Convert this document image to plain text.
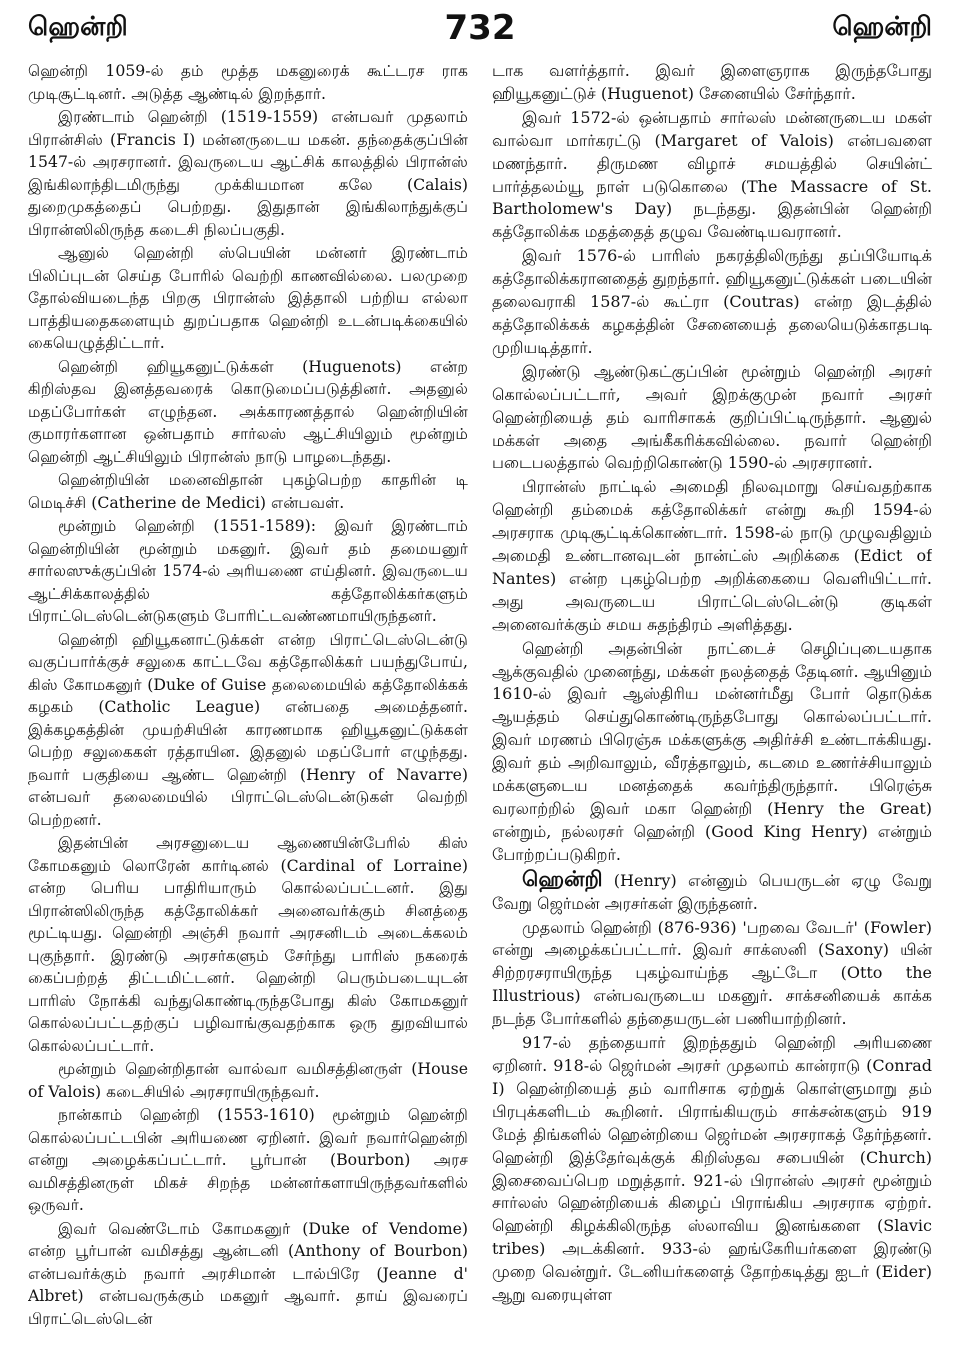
ஹென்றி	732	ஹென்றி

ஹென்றி 1059-ல் தம் மூத்த மகனுரைக் கூட்டரச ராக முடிசூட்டினர். அடுத்த ஆண்டில் இறந்தார்.

இரண்டாம் ஹென்றி (1519-1559) என்பவர் முதலாம் பிரான்சிஸ் (Francis I) மன்னருடைய மகன். தந்தைக்குப்பின் 1547-ல் அரசரானர். இவருடைய ஆட்சிக் காலத்தில் பிரான்ஸ் இங்கிலாந்திடமிருந்து முக்கியமான கலே (Calais) துறைமுகத்தைப் பெற்றது. இதுதான் இங்கிலாந்துக்குப் பிரான்ஸிலிருந்த கடைசி நிலப்பகுதி.

ஆனுல் ஹென்றி ஸ்பெயின் மன்னர் இரண்டாம் பிலிப்புடன் செய்த போரில் வெற்றி காணவில்லை. பலமுறை தோல்வியடைந்த பிறகு பிரான்ஸ் இத்தாலி பற்றிய எல்லா பாத்தியதைகளையும் துறப்பதாக ஹென்றி உடன்படிக்கையில் கையெழுத்திட்டார்.

ஹென்றி ஹியூகனுட்டுக்கள் (Huguenots) என்ற கிறிஸ்தவ இனத்தவரைக் கொடுமைப்படுத்தினர். அதனுல் மதப்போர்கள் எழுந்தன. அக்காரணத்தால் ஹென்றியின் குமாரர்களான ஒன்பதாம் சார்லஸ் ஆட்சியிலும் மூன்றும் ஹென்றி ஆட்சியிலும் பிரான்ஸ் நாடு பாழடைந்தது.

ஹென்றியின் மனைவிதான் புகழ்பெற்ற காதரின் டி மெடிச்சி (Catherine de Medici) என்பவள்.

மூன்றும் ஹென்றி (1551-1589): இவர் இரண்டாம் ஹென்றியின் மூன்றும் மகனுர். இவர் தம் தமையனுர் சார்லஸுக்குப்பின் 1574-ல் அரியணை எய்தினர். இவருடைய ஆட்சிக்காலத்தில் கத்தோலிக்கர்களும் பிராட்டெஸ்டென்டுகளும் போரிட்டவண்ணமாயிருந்தனர்.

ஹென்றி ஹியூகனாட்டுக்கள் என்ற பிராட்டெஸ்டென்டு வகுப்பார்க்குச் சலுகை காட்டவே கத்தோலிக்கர் பயந்துபோய், கிஸ் கோமகனுர் (Duke of Guise தலைமையில் கத்தோலிக்கக் கழகம் (Catholic League) என்பதை அமைத்தனர். இக்கழகத்தின் முயற்சியின் காரணமாக ஹியூகனுட்டுக்கள் பெற்ற சலுகைகள் ரத்தாயின. இதனுல் மதப்போர் எழுந்தது. நவார் பகுதியை ஆண்ட ஹென்றி (Henry of Navarre) என்பவர் தலைமையில் பிராட்டெஸ்டென்டுகள் வெற்றி பெற்றனர்.

இதன்பின் அரசனுடைய ஆணையின்பேரில் கிஸ் கோமகனும் லொரேன் கார்டினல் (Cardinal of Lorraine) என்ற பெரிய பாதிரியாரும் கொல்லப்பட்டனர். இது பிரான்ஸிலிருந்த கத்தோலிக்கர் அனைவர்க்கும் சினத்தை மூட்டியது. ஹென்றி அஞ்சி நவார் அரசனிடம் அடைக்கலம் புகுந்தார். இரண்டு அரசர்களும் சேர்ந்து பாரிஸ் நகரைக் கைப்பற்றத் திட்டமிட்டனர். ஹென்றி பெரும்படையுடன் பாரிஸ் நோக்கி வந்துகொண்டிருந்தபோது கிஸ் கோமகனுர் கொல்லப்பட்டதற்குப் பழிவாங்குவதற்காக ஒரு துறவியால் கொல்லப்பட்டார்.

மூன்றும் ஹென்றிதான் வால்வா வமிசத்தினருள் (House of Valois) கடைசியில் அரசராயிருந்தவர்.

நான்காம் ஹென்றி (1553-1610) மூன்றும் ஹென்றி கொல்லப்பட்டபின் அரியணை ஏறினர். இவர் நவார்ஹென்றி என்று அழைக்கப்பட்டார். பூர்பான் (Bourbon) அரச வமிசத்தினருள் மிகச் சிறந்த மன்னர்களாயிருந்தவர்களில் ஒருவர்.

இவர் வெண்டோம் கோமகனுர் (Duke of Vendome) என்ற பூர்பான் வமிசத்து ஆன்டனி (Anthony of Bourbon) என்பவர்க்கும் நவார் அரசிமான் டால்பிரே (Jeanne d' Albret) என்பவருக்கும் மகனுர் ஆவார். தாய் இவரைப் பிராட்டெஸ்டென்

டாக வளர்த்தார். இவர் இளைஞராக இருந்தபோது ஹியூகனுட்டுச் (Huguenot) சேனையில் சேர்ந்தார்.

இவர் 1572-ல் ஒன்பதாம் சார்லஸ் மன்னருடைய மகள் வால்வா மார்கரட்டு (Margaret of Valois) என்பவளை மணந்தார். திருமண விழாச் சமயத்தில் செயின்ட் பார்த்தலம்யூ நாள் படுகொலை (The Massacre of St. Bartholomew's Day) நடந்தது. இதன்பின் ஹென்றி கத்தோலிக்க மதத்தைத் தழுவ வேண்டியவரானர்.

இவர் 1576-ல் பாரிஸ் நகரத்திலிருந்து தப்பியோடிக் கத்தோலிக்கரானதைத் துறந்தார். ஹியூகனுட்டுக்கள் படையின் தலைவராகி 1587-ல் கூட்ரா (Coutras) என்ற இடத்தில் கத்தோலிக்கக் கழகத்தின் சேனையைத் தலையெடுக்காதபடி முறியடித்தார்.

இரண்டு ஆண்டுகட்குப்பின் மூன்றும் ஹென்றி அரசர் கொல்லப்பட்டார், அவர் இறக்குமுன் நவார் அரசர் ஹென்றியைத் தம் வாரிசாகக் குறிப்பிட்டிருந்தார். ஆனுல் மக்கள் அதை அங்கீகரிக்கவில்லை. நவார் ஹென்றி படைபலத்தால் வெற்றிகொண்டு 1590-ல் அரசரானர்.

பிரான்ஸ் நாட்டில் அமைதி நிலவுமாறு செய்வதற்காக ஹென்றி தம்மைக் கத்தோலிக்கர் என்று கூறி 1594-ல் அரசராக முடிசூட்டிக்கொண்டார். 1598-ல் நாடு முழுவதிலும் அமைதி உண்டானவுடன் நான்ட்ஸ் அறிக்கை (Edict of Nantes) என்ற புகழ்பெற்ற அறிக்கையை வெளியிட்டார். அது அவருடைய பிராட்டெஸ்டென்டு குடிகள் அனைவர்க்கும் சமய சுதந்திரம் அளித்தது.

ஹென்றி அதன்பின் நாட்டைச் செழிப்புடையதாக ஆக்குவதில் முனைந்து, மக்கள் நலத்தைத் தேடினர். ஆயினும் 1610-ல் இவர் ஆஸ்திரிய மன்னர்மீது போர் தொடுக்க ஆயத்தம் செய்துகொண்டிருந்தபோது கொல்லப்பட்டார். இவர் மரணம் பிரெஞ்சு மக்களுக்கு அதிர்ச்சி உண்டாக்கியது. இவர் தம் அறிவாலும், வீரத்தாலும், கடமை உணர்ச்சியாலும் மக்களுடைய மனத்தைக் கவர்ந்திருந்தார். பிரெஞ்சு வரலாற்றில் இவர் மகா ஹென்றி (Henry the Great) என்றும், நல்லரசர் ஹென்றி (Good King Henry) என்றும் போற்றப்படுகிறர்.

ஹென்றி (Henry) என்னும் பெயருடன் ஏழு வேறு வேறு ஜெர்மன் அரசர்கள் இருந்தனர்.

முதலாம் ஹென்றி (876-936) 'பறவை வேடர்' (Fowler) என்று அழைக்கப்பட்டார். இவர் சாக்ஸனி (Saxony) யின் சிற்றரசராயிருந்த புகழ்வாய்ந்த ஆட்டோ (Otto the Illustrious) என்பவருடைய மகனுர். சாக்சனியைக் காக்க நடந்த போர்களில் தந்தையருடன் பணியாற்றினர்.

917-ல் தந்தையார் இறந்ததும் ஹென்றி அரியணை ஏறினர். 918-ல் ஜெர்மன் அரசர் முதலாம் கான்ராடு (Conrad I) ஹென்றியைத் தம் வாரிசாக ஏற்றுக் கொள்ளுமாறு தம் பிரபுக்களிடம் கூறினர். பிராங்கியரும் சாக்சன்களும் 919 மேத் திங்களில் ஹென்றியை ஜெர்மன் அரசராகத் தேர்ந்தனர். ஹென்றி இத்தேர்வுக்குக் கிறிஸ்தவ சபையின் (Church) இசைவைப்பெற மறுத்தார். 921-ல் பிரான்ஸ் அரசர் மூன்றும் சார்லஸ் ஹென்றியைக் கிழைப் பிராங்கிய அரசராக ஏற்றர். ஹென்றி கிழக்கிலிருந்த ஸ்லாவிய இனங்களை (Slavic tribes) அடக்கினர். 933-ல் ஹங்கேரியர்களை இரண்டு முறை வென்றுர். டேனியர்களைத் தோற்கடித்து ஐடர் (Eider) ஆறு வரையுள்ள
